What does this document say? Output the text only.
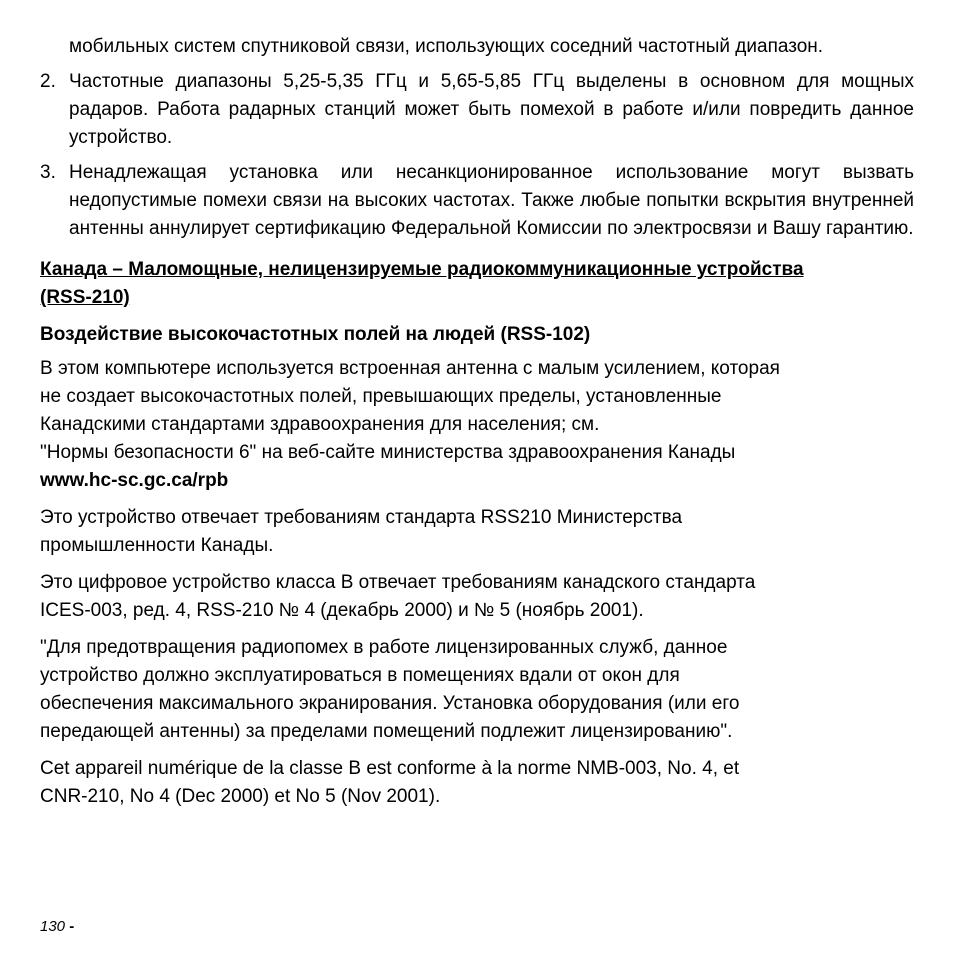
мобильных систем спутниковой связи, использующих соседний частотный диапазон.
2. Частотные диапазоны 5,25-5,35 ГГц и 5,65-5,85 ГГц выделены в основном для мощных радаров. Работа радарных станций может быть помехой в работе и/или повредить данное устройство.
3. Ненадлежащая установка или несанкционированное использование могут вызвать недопустимые помехи связи на высоких частотах. Также любые попытки вскрытия внутренней антенны аннулирует сертификацию Федеральной Комиссии по электросвязи и Вашу гарантию.
Канада – Маломощные, нелицензируемые радиокоммуникационные устройства (RSS-210)
Воздействие высокочастотных полей на людей (RSS-102)
В этом компьютере используется встроенная антенна с малым усилением, которая
не создает высокочастотных полей, превышающих пределы, установленные
Канадскими стандартами здравоохранения для населения; см.
"Нормы безопасности 6" на веб-сайте министерства здравоохранения Канады
www.hc-sc.gc.ca/rpb
Это устройство отвечает требованиям стандарта RSS210 Министерства
промышленности Канады.
Это цифровое устройство класса B отвечает требованиям канадского стандарта
ICES-003, ред. 4, RSS-210 № 4 (декабрь 2000) и № 5 (ноябрь 2001).
"Для предотвращения радиопомех в работе лицензированных служб, данное
устройство должно эксплуатироваться в помещениях вдали от окон для
обеспечения максимального экранирования. Установка оборудования (или его
передающей антенны) за пределами помещений подлежит лицензированию".
Cet appareil numérique de la classe B est conforme à la norme NMB-003, No. 4, et
CNR-210, No 4 (Dec 2000) et No 5 (Nov 2001).
130 -
